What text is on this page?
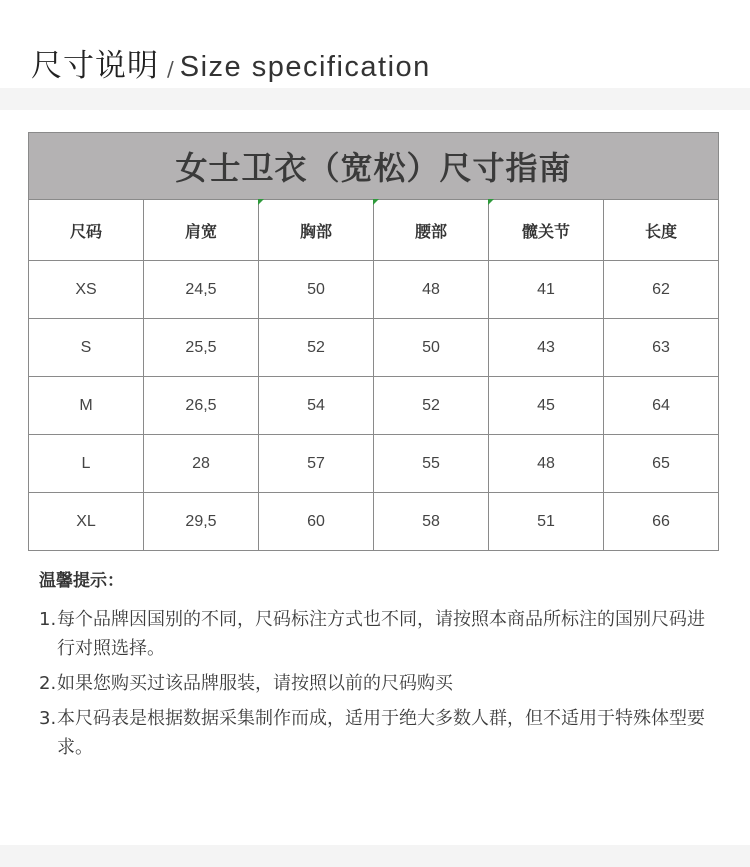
尺寸说明 / Size specification
女士卫衣（宽松）尺寸指南					
尺码	肩宽	胸部	腰部	髋关节	长度
XS	24,5	50	48	41	62
S	25,5	52	50	43	63
M	26,5	54	52	45	64
L	28	57	55	48	65
XL	29,5	60	58	51	66
温馨提示：
1. 每个品牌因国别的不同，尺码标注方式也不同，请按照本商品所标注的国别尺码进行对照选择。
2. 如果您购买过该品牌服装，请按照以前的尺码购买
3. 本尺码表是根据数据采集制作而成，适用于绝大多数人群，但不适用于特殊体型要求。
